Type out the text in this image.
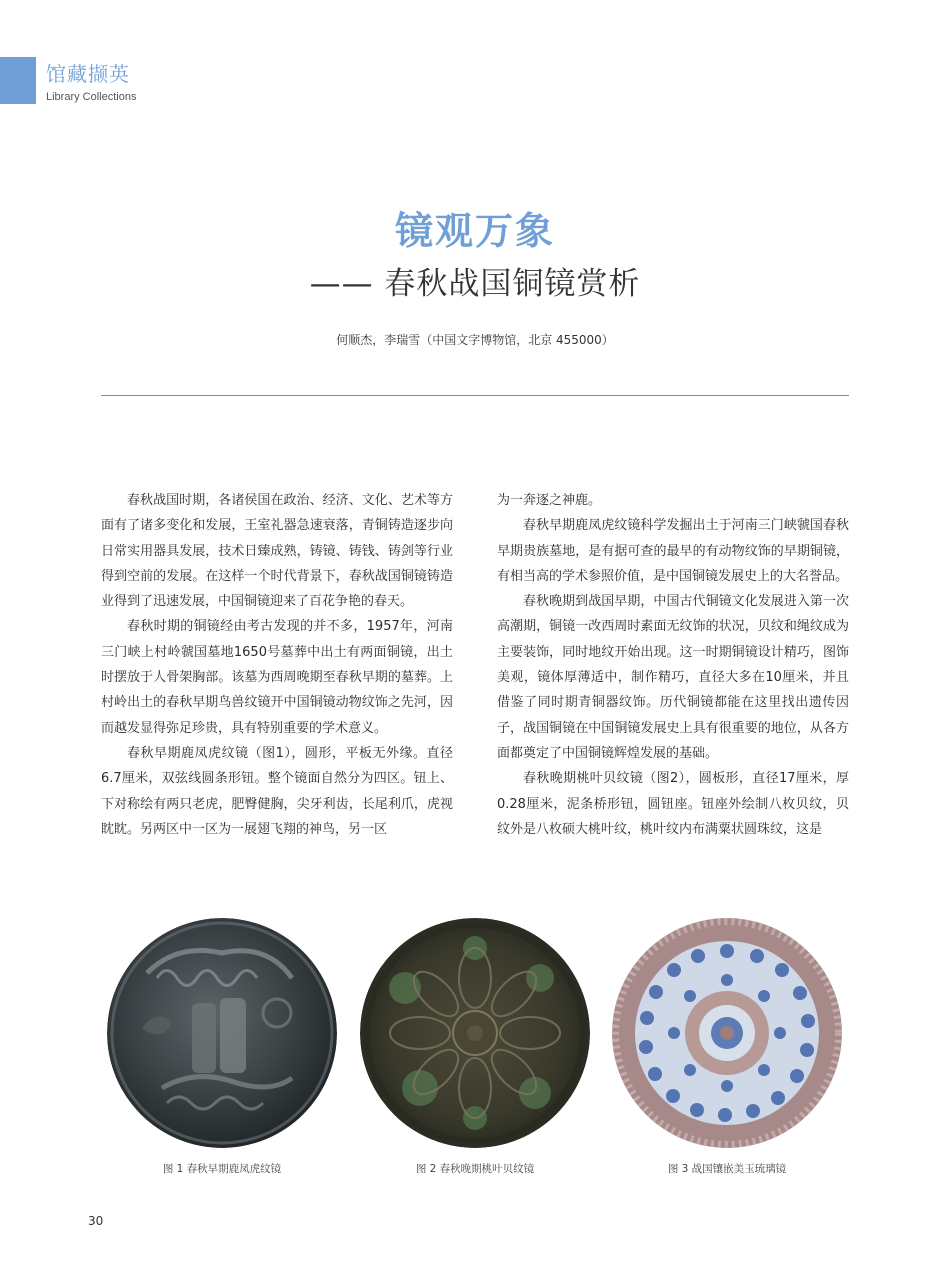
馆藏撷英
Library Collections
镜观万象
—— 春秋战国铜镜赏析
何顺杰，李瑞雪（中国文字博物馆，北京 455000）

春秋战国时期，各诸侯国在政治、经济、文化、艺术等方面有了诸多变化和发展，王室礼器急速衰落，青铜铸造逐步向日常实用器具发展，技术日臻成熟，铸镜、铸钱、铸剑等行业得到空前的发展。在这样一个时代背景下，春秋战国铜镜铸造业得到了迅速发展，中国铜镜迎来了百花争艳的春天。

春秋时期的铜镜经由考古发现的并不多，1957年，河南三门峡上村岭虢国墓地1650号墓葬中出土有两面铜镜，出土时摆放于人骨架胸部。该墓为西周晚期至春秋早期的墓葬。上村岭出土的春秋早期鸟兽纹镜开中国铜镜动物纹饰之先河，因而越发显得弥足珍贵，具有特别重要的学术意义。

春秋早期鹿凤虎纹镜（图1），圆形，平板无外缘。直径6.7厘米，双弦线圆条形钮。整个镜面自然分为四区。钮上、下对称绘有两只老虎，肥臀健胸，尖牙利齿，长尾利爪，虎视眈眈。另两区中一区为一展翅飞翔的神鸟，另一区

为一奔逐之神鹿。

春秋早期鹿凤虎纹镜科学发掘出土于河南三门峡虢国春秋早期贵族墓地，是有据可查的最早的有动物纹饰的早期铜镜，有相当高的学术参照价值，是中国铜镜发展史上的大名誉品。

春秋晚期到战国早期，中国古代铜镜文化发展进入第一次高潮期，铜镜一改西周时素面无纹饰的状况，贝纹和绳纹成为主要装饰，同时地纹开始出现。这一时期铜镜设计精巧，图饰美观，镜体厚薄适中，制作精巧，直径大多在10厘米，并且借鉴了同时期青铜器纹饰。历代铜镜都能在这里找出遗传因子，战国铜镜在中国铜镜发展史上具有很重要的地位，从各方面都奠定了中国铜镜辉煌发展的基础。

春秋晚期桃叶贝纹镜（图2），圆板形，直径17厘米，厚0.28厘米，泥条桥形钮，圆钮座。钮座外绘制八枚贝纹，贝纹外是八枚硕大桃叶纹，桃叶纹内布满粟状圆珠纹，这是

图 1 春秋早期鹿凤虎纹镜	图 2 春秋晚期桃叶贝纹镜	图 3 战国镶嵌美玉琉璃镜
30
